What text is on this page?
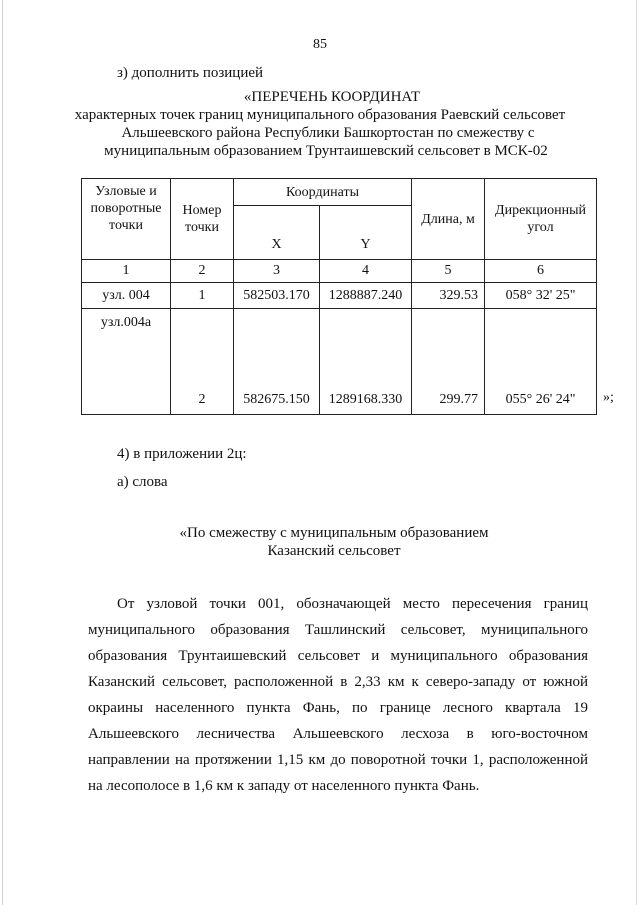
85
з) дополнить позицией
«ПЕРЕЧЕНЬ КООРДИНАТ
характерных точек границ муниципального образования Раевский сельсовет
Альшеевского района Республики Башкортостан по смежеству с
муниципальным образованием Трунтаишевский сельсовет в МСК-02
Узловые и поворотные точки	Номер точки	Координаты		Длина, м	Дирекционный угол
		X	Y		
1	2	3	4	5	6
узл. 004	1	582503.170	1288887.240	329.53	058° 32' 25"
узл.004а	2	582675.150	1289168.330	299.77	055° 26' 24" »;
4) в приложении 2ц:
а) слова
«По смежеству с муниципальным образованием
Казанский сельсовет
От узловой точки 001, обозначающей место пересечения границ
муниципального образования Ташлинский сельсовет, муниципального
образования Трунтаишевский сельсовет и муниципального образования
Казанский сельсовет, расположенной в 2,33 км к северо-западу от южной
окраины населенного пункта Фань, по границе лесного квартала 19
Альшеевского лесничества Альшеевского лесхоза в юго-восточном
направлении на протяжении 1,15 км до поворотной точки 1, расположенной
на лесополосе в 1,6 км к западу от населенного пункта Фань.
